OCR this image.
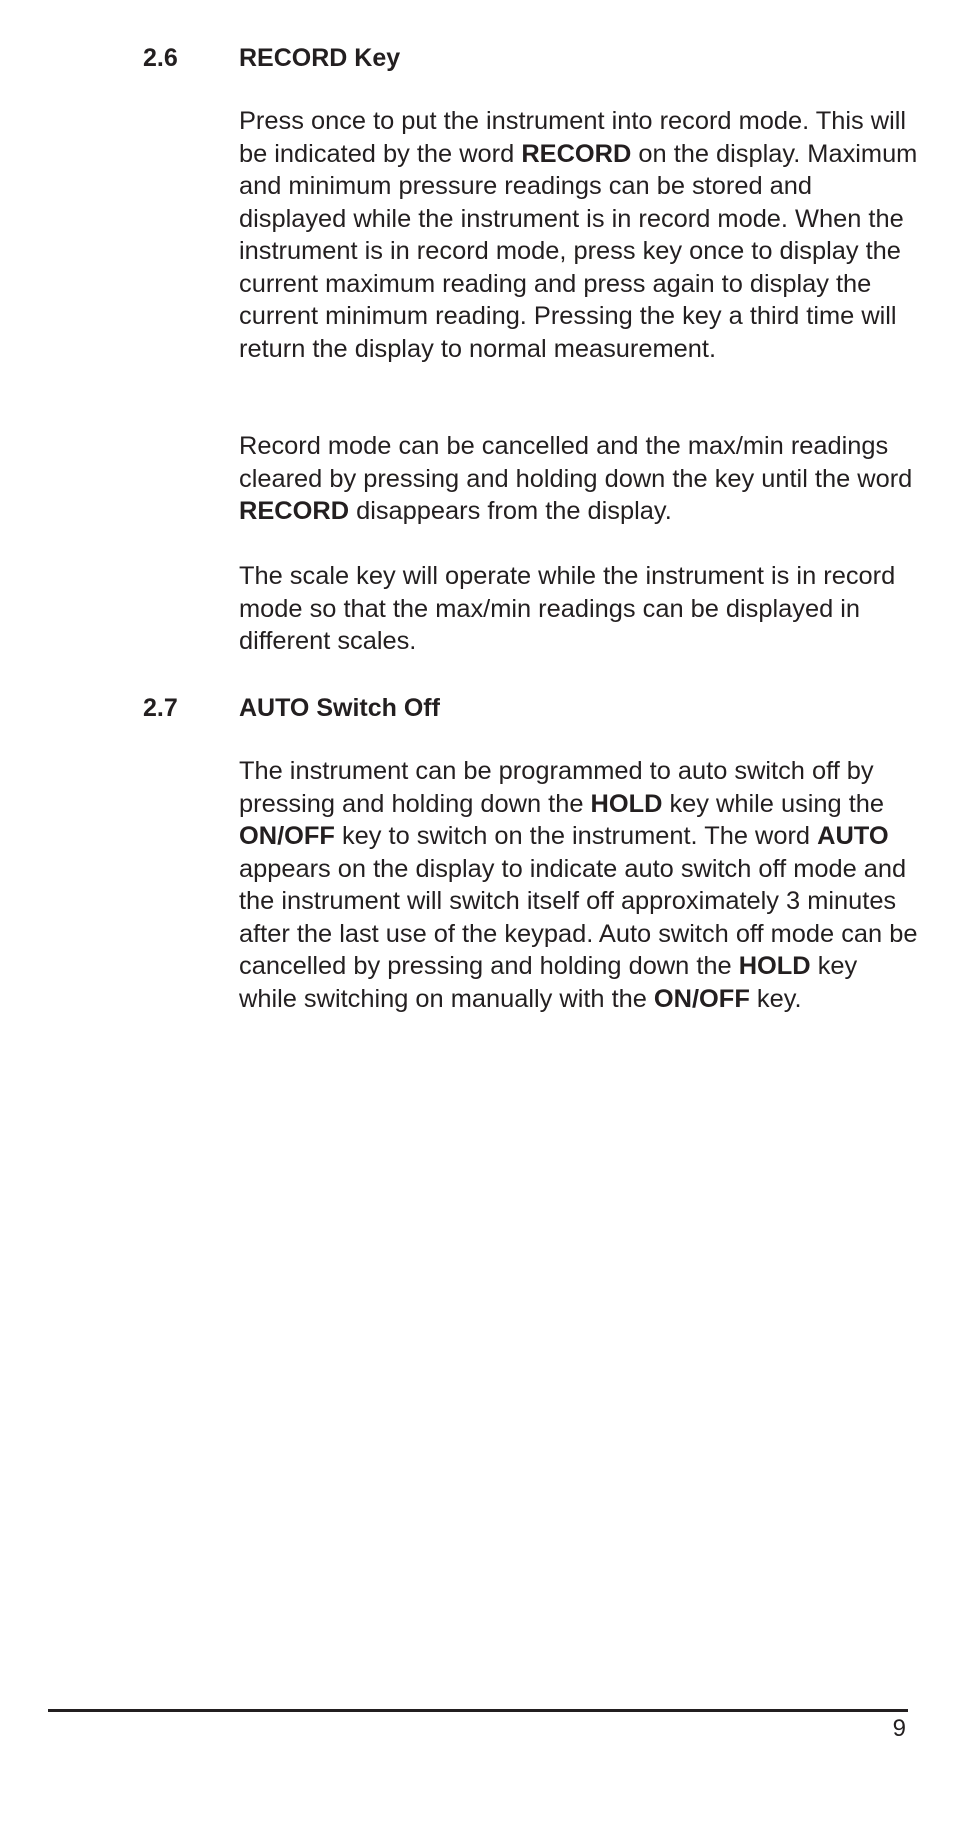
2.6 RECORD Key

Press once to put the instrument into record mode. This will be indicated by the word RECORD on the display. Maximum and minimum pressure readings can be stored and displayed while the instrument is in record mode. When the instrument is in record mode, press key once to display the current maximum reading and press again to display the current minimum reading. Pressing the key a third time will return the display to normal measurement.

Record mode can be cancelled and the max/min readings cleared by pressing and holding down the key until the word RECORD disappears from the display.

The scale key will operate while the instrument is in record mode so that the max/min readings can be displayed in different scales.

2.7 AUTO Switch Off

The instrument can be programmed to auto switch off by pressing and holding down the HOLD key while using the ON/OFF key to switch on the instrument. The word AUTO appears on the display to indicate auto switch off mode and the instrument will switch itself off approximately 3 minutes after the last use of the keypad. Auto switch off mode can be cancelled by pressing and holding down the HOLD key while switching on manually with the ON/OFF key.

9
